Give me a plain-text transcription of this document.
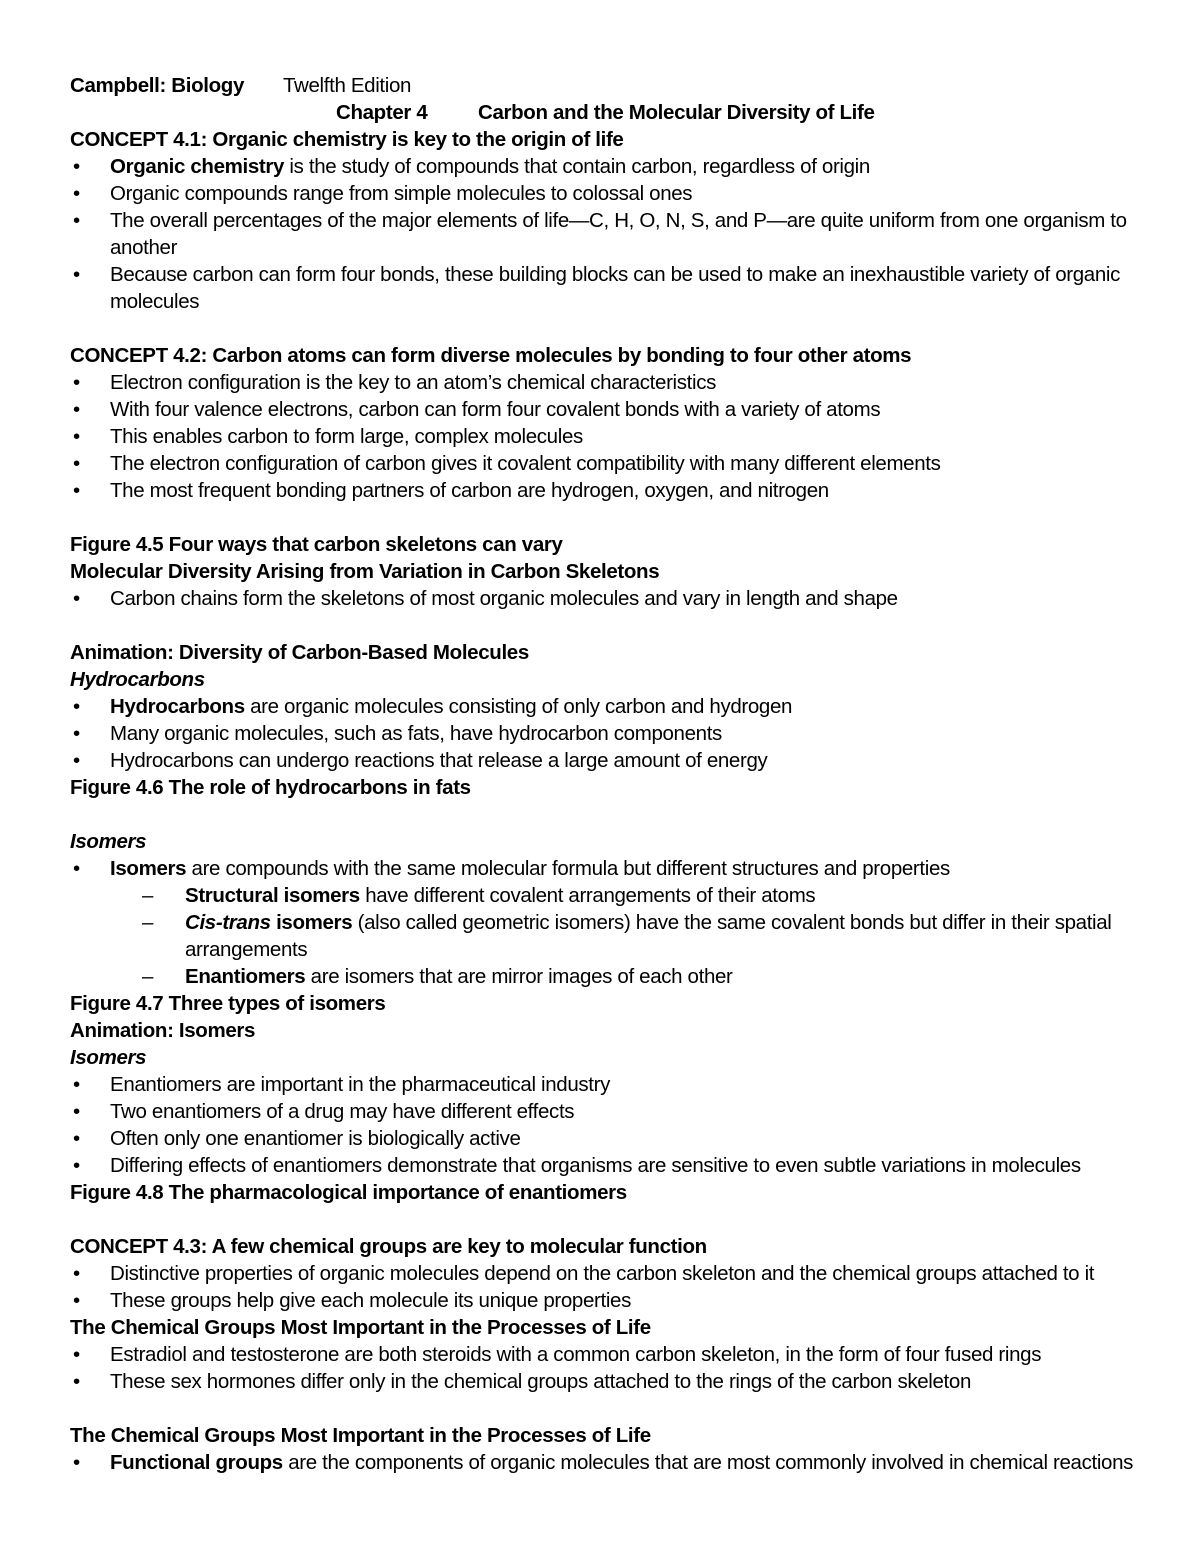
Campbell: Biology Twelfth Edition
Chapter 4 Carbon and the Molecular Diversity of Life
CONCEPT 4.1: Organic chemistry is key to the origin of life
• Organic chemistry is the study of compounds that contain carbon, regardless of origin
• Organic compounds range from simple molecules to colossal ones
• The overall percentages of the major elements of life—C, H, O, N, S, and P—are quite uniform from one organism to another
• Because carbon can form four bonds, these building blocks can be used to make an inexhaustible variety of organic molecules
CONCEPT 4.2: Carbon atoms can form diverse molecules by bonding to four other atoms
• Electron configuration is the key to an atom’s chemical characteristics
• With four valence electrons, carbon can form four covalent bonds with a variety of atoms
• This enables carbon to form large, complex molecules
• The electron configuration of carbon gives it covalent compatibility with many different elements
• The most frequent bonding partners of carbon are hydrogen, oxygen, and nitrogen
Figure 4.5 Four ways that carbon skeletons can vary
Molecular Diversity Arising from Variation in Carbon Skeletons
• Carbon chains form the skeletons of most organic molecules and vary in length and shape
Animation: Diversity of Carbon-Based Molecules
Hydrocarbons
• Hydrocarbons are organic molecules consisting of only carbon and hydrogen
• Many organic molecules, such as fats, have hydrocarbon components
• Hydrocarbons can undergo reactions that release a large amount of energy
Figure 4.6 The role of hydrocarbons in fats
Isomers
• Isomers are compounds with the same molecular formula but different structures and properties
– Structural isomers have different covalent arrangements of their atoms
– Cis-trans isomers (also called geometric isomers) have the same covalent bonds but differ in their spatial arrangements
– Enantiomers are isomers that are mirror images of each other
Figure 4.7 Three types of isomers
Animation: Isomers
Isomers
• Enantiomers are important in the pharmaceutical industry
• Two enantiomers of a drug may have different effects
• Often only one enantiomer is biologically active
• Differing effects of enantiomers demonstrate that organisms are sensitive to even subtle variations in molecules
Figure 4.8 The pharmacological importance of enantiomers
CONCEPT 4.3: A few chemical groups are key to molecular function
• Distinctive properties of organic molecules depend on the carbon skeleton and the chemical groups attached to it
• These groups help give each molecule its unique properties
The Chemical Groups Most Important in the Processes of Life
• Estradiol and testosterone are both steroids with a common carbon skeleton, in the form of four fused rings
• These sex hormones differ only in the chemical groups attached to the rings of the carbon skeleton
The Chemical Groups Most Important in the Processes of Life
• Functional groups are the components of organic molecules that are most commonly involved in chemical reactions
